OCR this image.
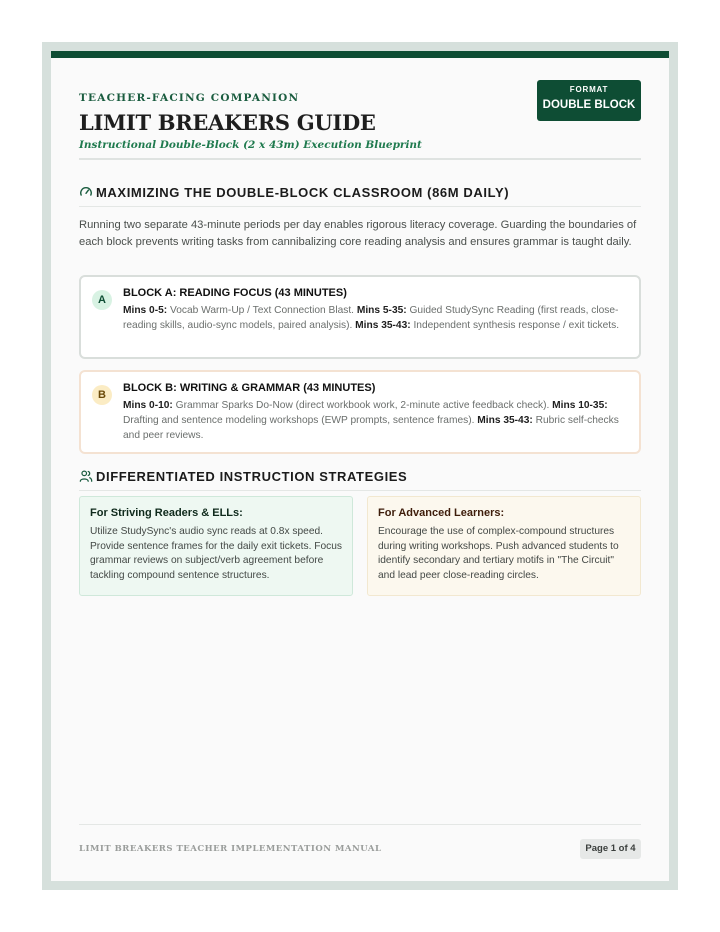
TEACHER-FACING COMPANION
LIMIT BREAKERS GUIDE
Instructional Double-Block (2 x 43m) Execution Blueprint
FORMAT
DOUBLE BLOCK
MAXIMIZING THE DOUBLE-BLOCK CLASSROOM (86M DAILY)
Running two separate 43-minute periods per day enables rigorous literacy coverage. Guarding the boundaries of each block prevents writing tasks from cannibalizing core reading analysis and ensures grammar is taught daily.
A
BLOCK A: READING FOCUS (43 MINUTES)
Mins 0-5: Vocab Warm-Up / Text Connection Blast. Mins 5-35: Guided StudySync Reading (first reads, close-reading skills, audio-sync models, paired analysis). Mins 35-43: Independent synthesis response / exit tickets.
B
BLOCK B: WRITING & GRAMMAR (43 MINUTES)
Mins 0-10: Grammar Sparks Do-Now (direct workbook work, 2-minute active feedback check). Mins 10-35: Drafting and sentence modeling workshops (EWP prompts, sentence frames). Mins 35-43: Rubric self-checks and peer reviews.
DIFFERENTIATED INSTRUCTION STRATEGIES
For Striving Readers & ELLs:
Utilize StudySync's audio sync reads at 0.8x speed. Provide sentence frames for the daily exit tickets. Focus grammar reviews on subject/verb agreement before tackling compound sentence structures.
For Advanced Learners:
Encourage the use of complex-compound structures during writing workshops. Push advanced students to identify secondary and tertiary motifs in "The Circuit" and lead peer close-reading circles.
LIMIT BREAKERS TEACHER IMPLEMENTATION MANUAL	Page 1 of 4
